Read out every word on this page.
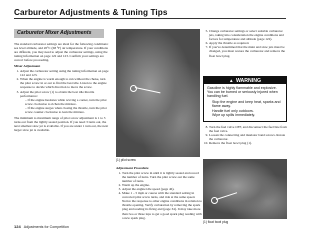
Carburetor Adjustments & Tuning Tips
Carburetor Mixer Adjustments

The standard carburetor settings are ideal for the following conditions: sea level altitude, and 20°C (68 °F) air temperature. If your conditions are different, you may need to adjust the carburetor settings, using the tuning information on page 122 and 123. Confirm your settings are correct before proceeding.

Mixer Adjustment
1. Adjust the carburetor setting using the tuning information on page 122 and 123.
2. When the engine is warm enough to run without the choke, turn the pilot screw in or out to find the best idle. Listen to the engine response to decide which direction to move the screw.
3. Adjust the pilot screw (1) to obtain the best idle throttle performance:
– If the engine hesitates while revving a corner, turn the pilot screw clockwise to richen the mixture.
– If the engine surges when closing the throttle, turn the pilot screw counter clockwise to lean the mixture.

The minimum to maximum range of pilot screw adjustment is 1 to 3 turns out from the lightly seated position. If you need 3 turns out, the next smallest slow jet is available. If you are under 1 turn out, the next larger slow jet is available.

(1) pilot screw
Adjustment Procedure
1. Turn the pilot screw in until it is lightly seated and record the number of turns. Turn the pilot screw out the same number of turns.
2. Warm up the engine.
3. Adjust the engine idle speed (page 46).
4. Make 1 – 5 mph or course with the standard setting in corrected pilot screw turns, and ride at the same speed. Notice the response to other engine conditions in relation to throttle opening. Verify carburetion by removing the spark plug and reading its firing end (page 34). It may take more than two or three laps to get a good spark plug reading with a new spark plug.
5. Change carburetor settings or select suitable carburetor jets, taking into consideration the engine conditions and factors for temperature and altitude (page 122).
6. Apply the throttle as required.
7. If you've determined that the main and slow jets must be changed, you must restore the carburetor and remove the float bowl plug.
▲ WARNING

Gasoline is highly flammable and explosive. You can be burned or seriously injured when handling fuel.

• Stop the engine and keep heat, sparks and flame away.
• Handle fuel only outdoors.
• Wipe up spills immediately.
8. Turn the fuel valve OFF, and disconnect the fuel line from the fuel valve.
9. Loosen the connecting and insulator band screws. Rotate the carburetor.
10. Remove the float bowl plug (1).
(1) float bowl plug
124 Adjustments for Competition
